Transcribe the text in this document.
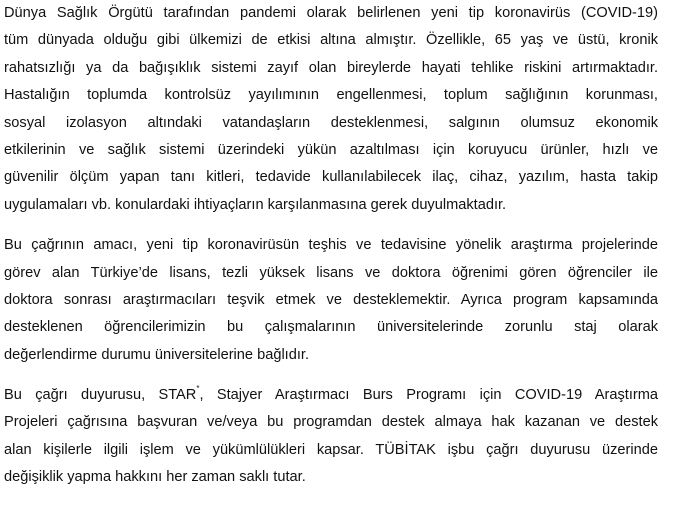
Dünya Sağlık Örgütü tarafından pandemi olarak belirlenen yeni tip koronavirüs (COVID-19)
tüm dünyada olduğu gibi ülkemizi de etkisi altına almıştır. Özellikle, 65 yaş ve üstü, kronik
rahatsızlığı ya da bağışıklık sistemi zayıf olan bireylerde hayati tehlike riskini artırmaktadır.
Hastalığın toplumda kontrolsüz yayılımının engellenmesi, toplum sağlığının korunması,
sosyal izolasyon altındaki vatandaşların desteklenmesi, salgının olumsuz ekonomik
etkilerinin ve sağlık sistemi üzerindeki yükün azaltılması için koruyucu ürünler, hızlı ve
güvenilir ölçüm yapan tanı kitleri, tedavide kullanılabilecek ilaç, cihaz, yazılım, hasta takip
uygulamaları vb. konulardaki ihtiyaçların karşılanmasına gerek duyulmaktadır.
Bu çağrının amacı, yeni tip koronavirüsün teşhis ve tedavisine yönelik araştırma projelerinde
görev alan Türkiye’de lisans, tezli yüksek lisans ve doktora öğrenimi gören öğrenciler ile
doktora sonrası araştırmacıları teşvik etmek ve desteklemektir. Ayrıca program kapsamında
desteklenen öğrencilerimizin bu çalışmalarının üniversitelerinde zorunlu staj olarak
değerlendirme durumu üniversitelerine bağlıdır.
Bu çağrı duyurusu, STAR*, Stajyer Araştırmacı Burs Programı için COVID-19 Araştırma
Projeleri çağrısına başvuran ve/veya bu programdan destek almaya hak kazanan ve destek
alan kişilerle ilgili işlem ve yükümlülükleri kapsar. TÜBİTAK işbu çağrı duyurusu üzerinde
değişiklik yapma hakkını her zaman saklı tutar.
